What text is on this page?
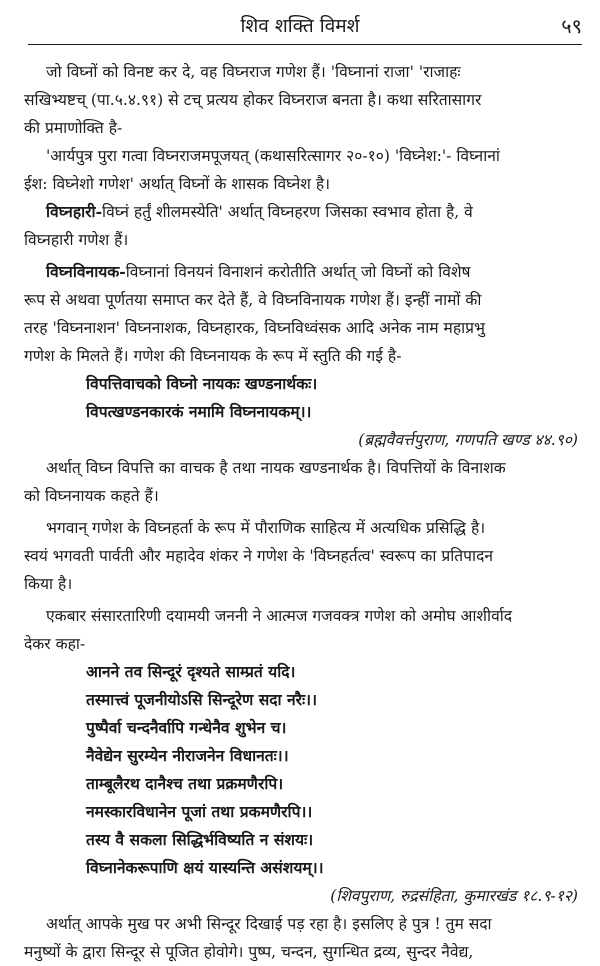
शिव शक्ति विमर्श	५९
जो विघ्नों को विनष्ट कर दे, वह विघ्नराज गणेश हैं। 'विघ्नानां राजा' 'राजाहः
सखिभ्यष्टच् (पा.५.४.९१) से टच् प्रत्यय होकर विघ्नराज बनता है। कथा सरितासागर
की प्रमाणोक्ति है-
'आर्यपुत्र पुरा गत्वा विघ्नराजमपूजयत् (कथासरित्सागर २०-१०) 'विघ्नेश:'- विघ्नानां
ईश: विघ्नेशो गणेश' अर्थात् विघ्नों के शासक विघ्नेश है।
विघ्नहारी-विघ्नं हर्तुं शीलमस्येति' अर्थात् विघ्नहरण जिसका स्वभाव होता है, वे
विघ्नहारी गणेश हैं।
विघ्नविनायक-विघ्नानां विनयनं विनाशनं करोतीति अर्थात् जो विघ्नों को विशेष
रूप से अथवा पूर्णतया समाप्त कर देते हैं, वे विघ्नविनायक गणेश हैं। इन्हीं नामों की
तरह 'विघ्ननाशन' विघ्ननाशक, विघ्नहारक, विघ्नविध्वंसक आदि अनेक नाम महाप्रभु
गणेश के मिलते हैं। गणेश की विघ्ननायक के रूप में स्तुति की गई है-
विपत्तिवाचको विघ्नो नायकः खण्डनार्थकः।
विपत्खण्डनकारकं नमामि विघ्ननायकम्।।
(ब्रह्मवैवर्त्तपुराण, गणपति खण्ड ४४.९०)
अर्थात् विघ्न विपत्ति का वाचक है तथा नायक खण्डनार्थक है। विपत्तियों के विनाशक
को विघ्ननायक कहते हैं।
भगवान् गणेश के विघ्नहर्ता के रूप में पौराणिक साहित्य में अत्यधिक प्रसिद्धि है।
स्वयं भगवती पार्वती और महादेव शंकर ने गणेश के 'विघ्नहर्तत्व' स्वरूप का प्रतिपादन
किया है।
एकबार संसारतारिणी दयामयी जननी ने आत्मज गजवक्त्र गणेश को अमोघ आशीर्वाद
देकर कहा-
आनने तव सिन्दूरं दृश्यते साम्प्रतं यदि।
तस्मात्त्वं पूजनीयोऽसि सिन्दूरेण सदा नरैः।।
पुष्पैर्वा चन्दनैर्वापि गन्धेनैव शुभेन च।
नैवेद्येन सुरम्येन नीराजनेन विधानतः।।
ताम्बूलैरथ दानैश्च तथा प्रक्रमणैरपि।
नमस्कारविधानेन पूजां तथा प्रकमणैरपि।।
तस्य वै सकला सिद्धिर्भविष्यति न संशयः।
विघ्नानेकरूपाणि क्षयं यास्यन्ति असंशयम्।।
(शिवपुराण, रुद्रसंहिता, कुमारखंड १८.९-१२)
अर्थात् आपके मुख पर अभी सिन्दूर दिखाई पड़ रहा है। इसलिए हे पुत्र ! तुम सदा
मनुष्यों के द्वारा सिन्दूर से पूजित होवोगे। पुष्प, चन्दन, सुगन्धित द्रव्य, सुन्दर नैवेद्य,
